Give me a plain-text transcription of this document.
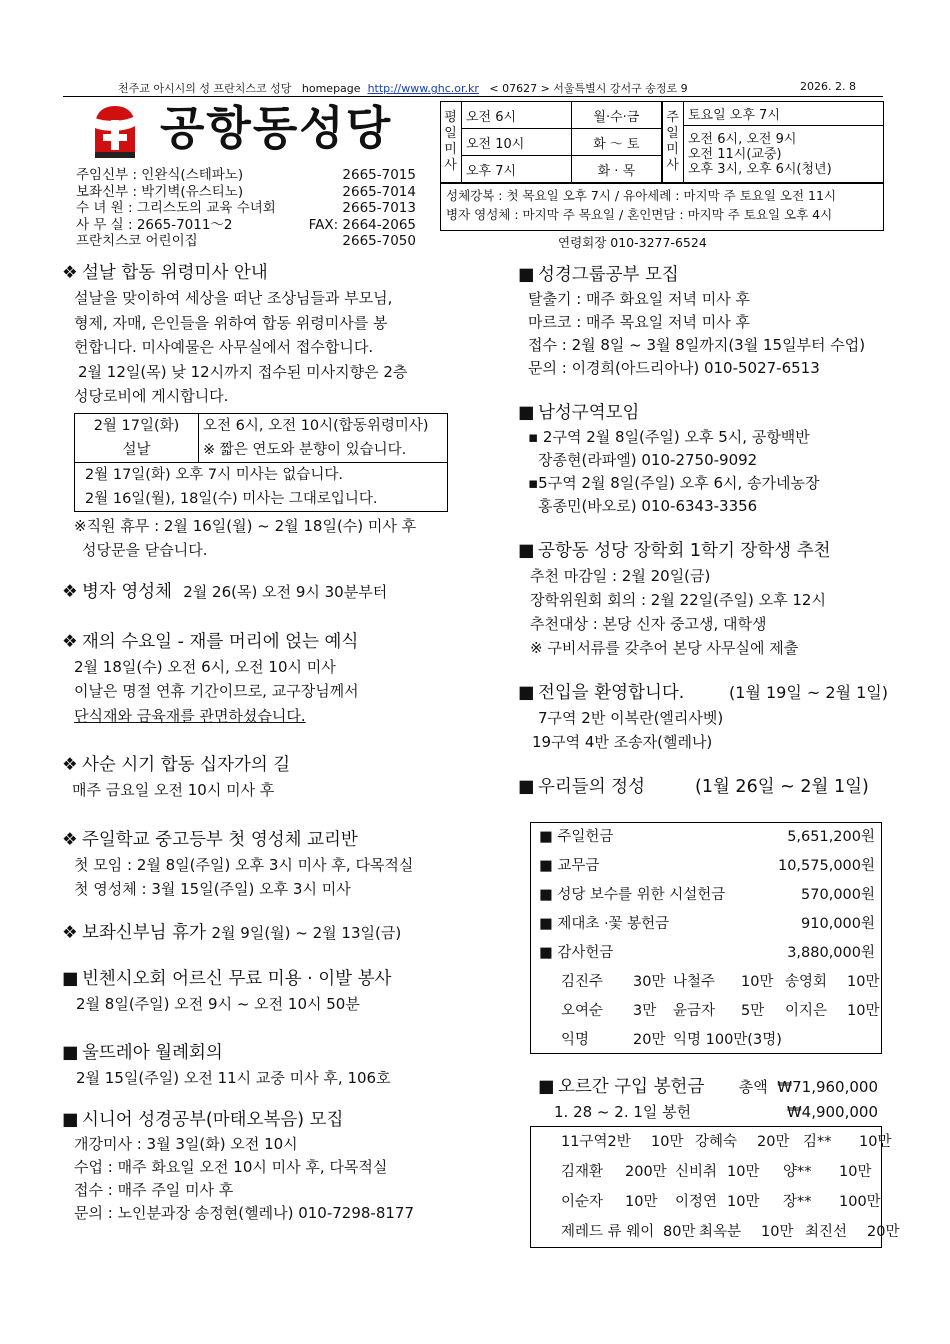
천주교 아시시의 성 프란치스코 성당 homepage http://www.ghc.or.kr < 07627 > 서울특별시 강서구 송정로 9	2026. 2. 8
공항동성당
주임신부 : 인완식(스테파노)	2665-7015
보좌신부 : 박기벽(유스티노)	2665-7014
수 녀 원 : 그리스도의 교육 수녀회	2665-7013
사 무 실 : 2665-7011～2	FAX: 2664-2065
프란치스코 어린이집	2665-7050
평일미사	오전 6시	월·수·금
	오전 10시	화 ～ 토
	오후 7시	화 · 목
주일미사
	토요일 오후 7시

오전 6시, 오전 9시
오전 11시(교중)
오후 3시, 오후 6시(청년)
성체강복 : 첫 목요일 오후 7시 / 유아세례 : 마지막 주 토요일 오전 11시
병자 영성체 : 마지막 주 목요일 / 혼인면담 : 마지막 주 토요일 오후 4시
연령회장 010-3277-6524
❖ 설날 합동 위령미사 안내
설날을 맞이하여 세상을 떠난 조상님들과 부모님,
형제, 자매, 은인들을 위하여 합동 위령미사를 봉
헌합니다. 미사예물은 사무실에서 접수합니다.
2월 12일(목) 낮 12시까지 접수된 미사지향은 2층
성당로비에 게시합니다.
2월 17일(화)
설날

오전 6시, 오전 10시(합동위령미사)
※ 짧은 연도와 분향이 있습니다.

2월 17일(화) 오후 7시 미사는 없습니다.
2월 16일(월), 18일(수) 미사는 그대로입니다.
※직원 휴무 : 2월 16일(월) ~ 2월 18일(수) 미사 후
성당문을 닫습니다.
❖ 병자 영성체 2월 26(목) 오전 9시 30분부터
❖ 재의 수요일 - 재를 머리에 얹는 예식
2월 18일(수) 오전 6시, 오전 10시 미사
이날은 명절 연휴 기간이므로, 교구장님께서
단식재와 금육재를 관면하셨습니다.
❖ 사순 시기 합동 십자가의 길
매주 금요일 오전 10시 미사 후
❖ 주일학교 중고등부 첫 영성체 교리반
첫 모임 : 2월 8일(주일) 오후 3시 미사 후, 다목적실
첫 영성체 : 3월 15일(주일) 오후 3시 미사
❖ 보좌신부님 휴가 2월 9일(월) ~ 2월 13일(금)
■ 빈첸시오회 어르신 무료 미용 · 이발 봉사
2월 8일(주일) 오전 9시 ~ 오전 10시 50분
■ 울뜨레아 월례회의
2월 15일(주일) 오전 11시 교중 미사 후, 106호
■ 시니어 성경공부(마태오복음) 모집
개강미사 : 3월 3일(화) 오전 10시
수업 : 매주 화요일 오전 10시 미사 후, 다목적실
접수 : 매주 주일 미사 후
문의 : 노인분과장 송정현(헬레나) 010-7298-8177
■ 성경그룹공부 모집
탈출기 : 매주 화요일 저녁 미사 후
마르코 : 매주 목요일 저녁 미사 후
접수 : 2월 8일 ~ 3월 8일까지(3월 15일부터 수업)
문의 : 이경희(아드리아나) 010-5027-6513
■ 남성구역모임
▪ 2구역 2월 8일(주일) 오후 5시, 공항백반
장종현(라파엘) 010-2750-9092
▪5구역 2월 8일(주일) 오후 6시, 송가네농장
홍종민(바오로) 010-6343-3356
■ 공항동 성당 장학회 1학기 장학생 추천
추천 마감일 : 2월 20일(금)
장학위원회 회의 : 2월 22일(주일) 오후 12시
추천대상 : 본당 신자 중고생, 대학생
※ 구비서류를 갖추어 본당 사무실에 제출
■ 전입을 환영합니다.	(1월 19일 ~ 2월 1일)
7구역 2반 이복란(엘리사벳)
19구역 4반 조송자(헬레나)
■ 우리들의 정성	(1월 26일 ~ 2월 1일)
■ 주일헌금	5,651,200원
■ 교무금	10,575,000원
■ 성당 보수를 위한 시설헌금	570,000원
■ 제대초 ·꽃 봉헌금	910,000원
■ 감사헌금	3,880,000원
김진주	30만 나철주	10만 송영회	10만
오여순	3만	윤금자	5만	이지은	10만
익명	20만 익명 100만(3명)
■ 오르간 구입 봉헌금 총액 ₩71,960,000
1. 28 ~ 2. 1일 봉헌	₩4,900,000
11구역2반	10만 강혜숙	20만 김**	10만
김재환	200만 신비취 10만	양**	10만
이순자	10만	이정연 10만	장**	100만
제레드 류 웨이 80만 최옥분	10만 최진선	20만
